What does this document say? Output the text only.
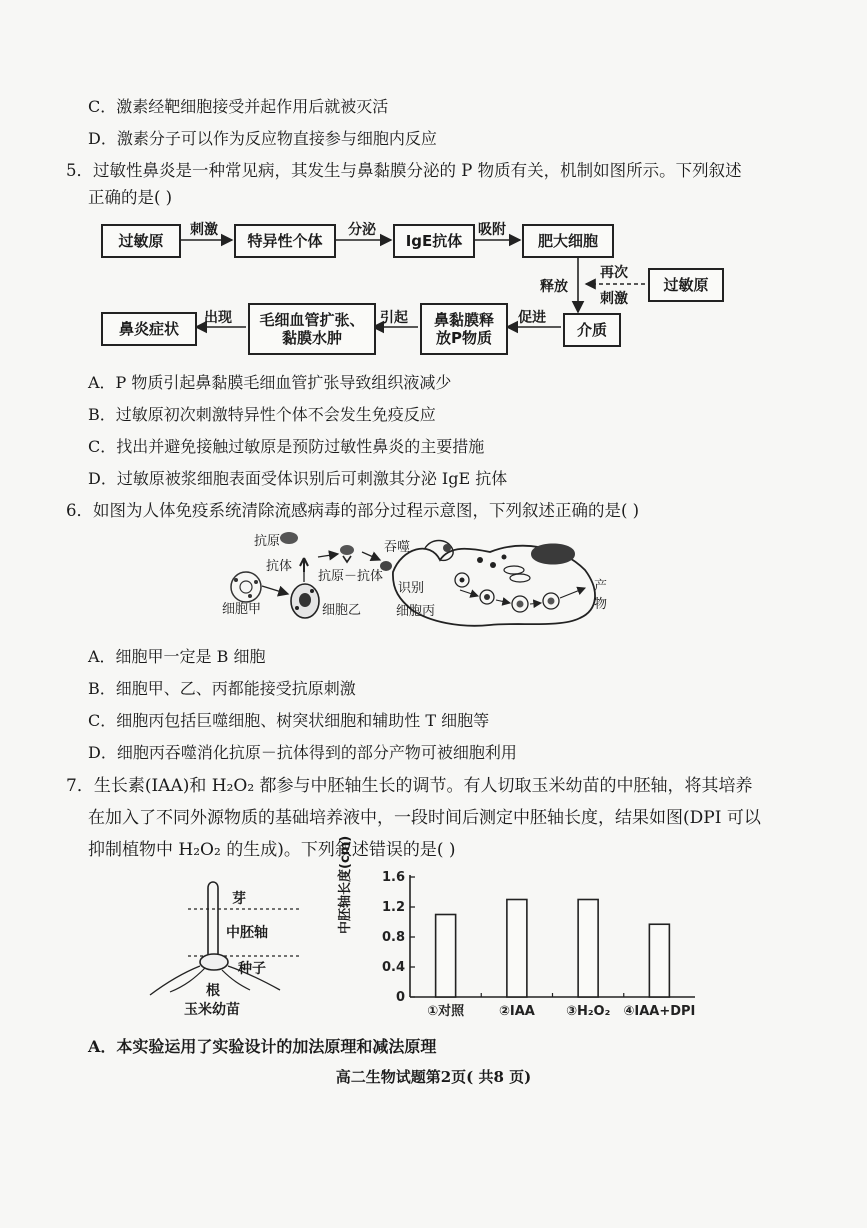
C．激素经靶细胞接受并起作用后就被灭活
D．激素分子可以作为反应物直接参与细胞内反应
5．过敏性鼻炎是一种常见病，其发生与鼻黏膜分泌的 P 物质有关，机制如图所示。下列叙述
正确的是( )
过敏原
刺激
特异性个体
分泌
IgE抗体
吸附
肥大细胞
释放
再次
刺激
过敏原
介质
促进
鼻黏膜释
放P物质
引起
毛细血管扩张、
黏膜水肿
出现
鼻炎症状
A．P 物质引起鼻黏膜毛细血管扩张导致组织液减少
B．过敏原初次刺激特异性个体不会发生免疫反应
C．找出并避免接触过敏原是预防过敏性鼻炎的主要措施
D．过敏原被浆细胞表面受体识别后可刺激其分泌 IgE 抗体
6．如图为人体免疫系统清除流感病毒的部分过程示意图，下列叙述正确的是( )
抗原
抗体
抗原－抗体
吞噬
识别
细胞甲	细胞乙	细胞丙
产
物
A．细胞甲一定是 B 细胞
B．细胞甲、乙、丙都能接受抗原刺激
C．细胞丙包括巨噬细胞、树突状细胞和辅助性 T 细胞等
D．细胞丙吞噬消化抗原－抗体得到的部分产物可被细胞利用
7．生长素(IAA)和 H₂O₂ 都参与中胚轴生长的调节。有人切取玉米幼苗的中胚轴，将其培养
在加入了不同外源物质的基础培养液中，一段时间后测定中胚轴长度，结果如图(DPI 可以
抑制植物中 H₂O₂ 的生成)。下列叙述错误的是( )
芽
中胚轴
种子
根
玉米幼苗
0
0.4
0.8
1.2
1.6
①对照	②IAA ③H₂O₂ ④IAA+DPI
中胚轴长度(cm)
A．本实验运用了实验设计的加法原理和减法原理
高二生物试题第2页( 共8 页)
